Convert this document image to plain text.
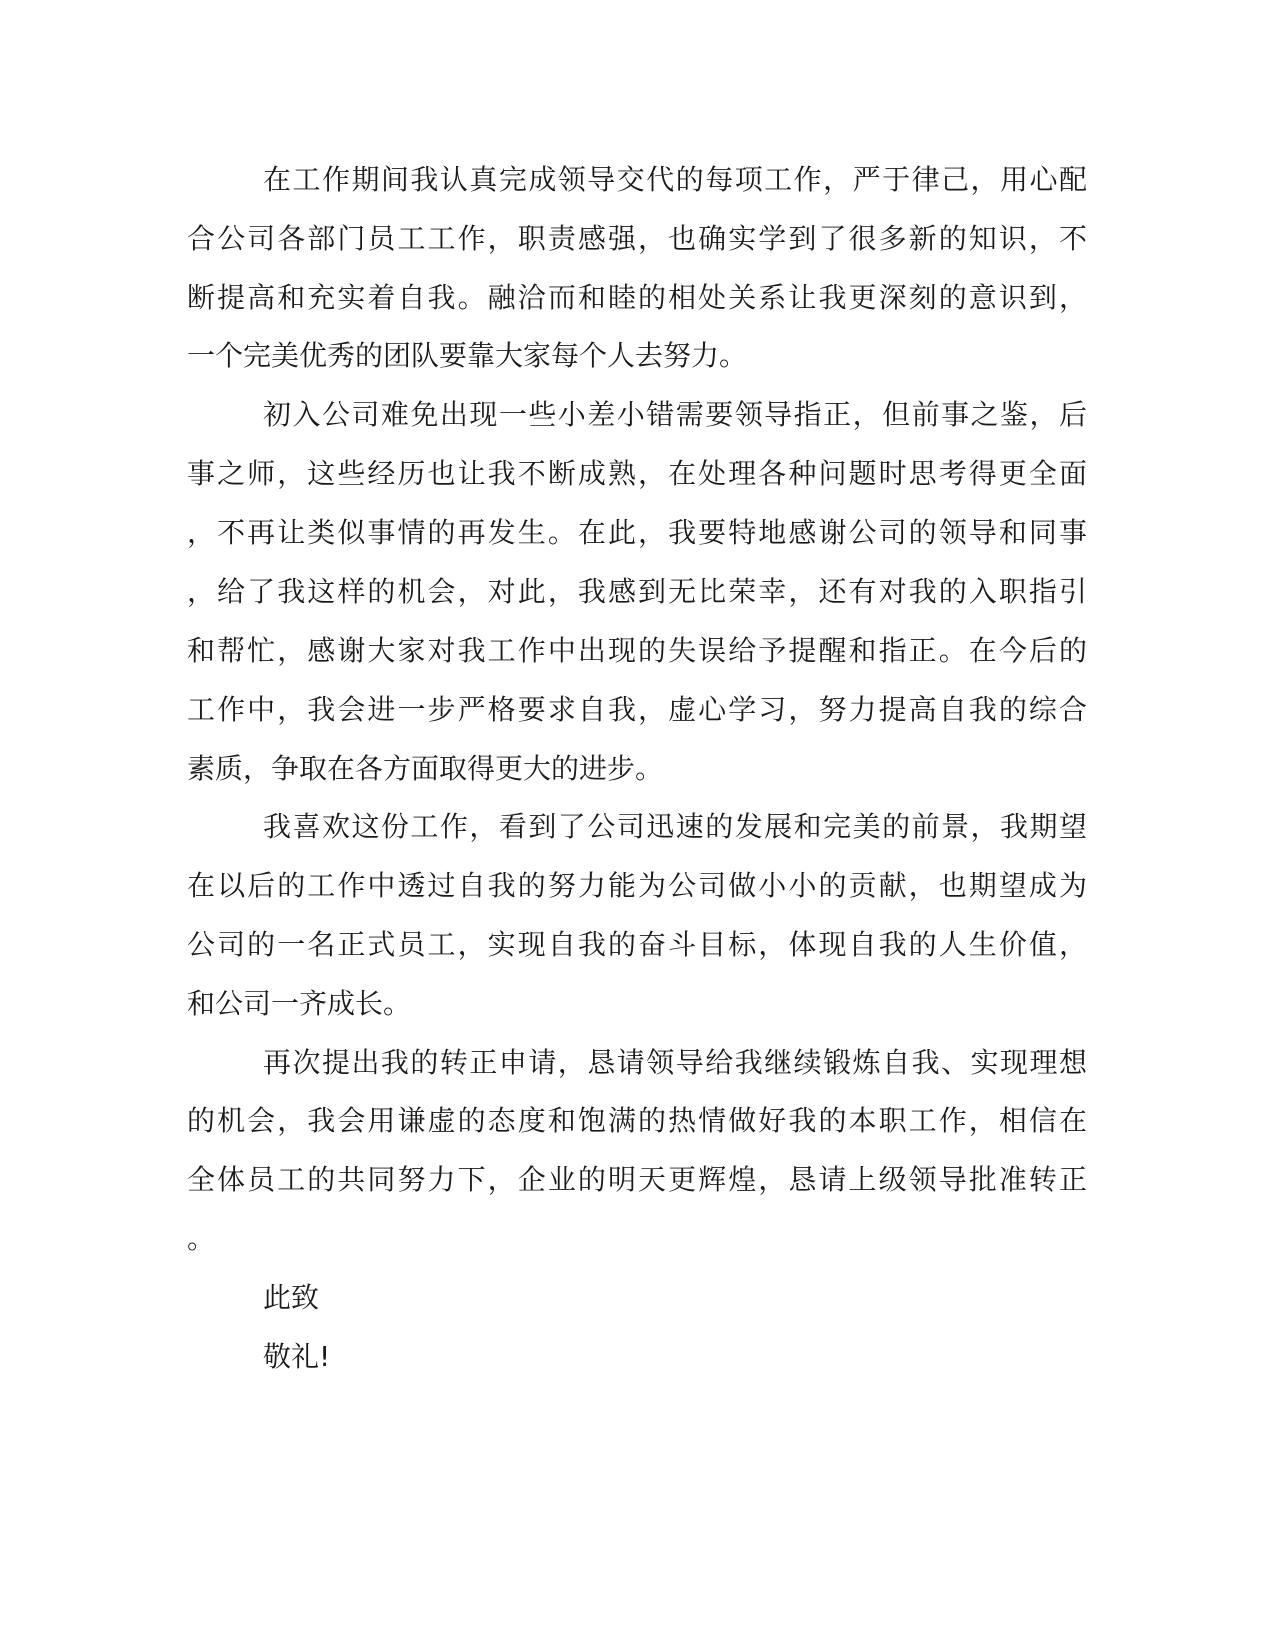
在工作期间我认真完成领导交代的每项工作，严于律己，用心配

合公司各部门员工工作，职责感强，也确实学到了很多新的知识，不

断提高和充实着自我。融洽而和睦的相处关系让我更深刻的意识到，

一个完美优秀的团队要靠大家每个人去努力。

初入公司难免出现一些小差小错需要领导指正，但前事之鉴，后

事之师，这些经历也让我不断成熟，在处理各种问题时思考得更全面

，不再让类似事情的再发生。在此，我要特地感谢公司的领导和同事

，给了我这样的机会，对此，我感到无比荣幸，还有对我的入职指引

和帮忙，感谢大家对我工作中出现的失误给予提醒和指正。在今后的

工作中，我会进一步严格要求自我，虚心学习，努力提高自我的综合

素质，争取在各方面取得更大的进步。

我喜欢这份工作，看到了公司迅速的发展和完美的前景，我期望

在以后的工作中透过自我的努力能为公司做小小的贡献，也期望成为

公司的一名正式员工，实现自我的奋斗目标，体现自我的人生价值，

和公司一齐成长。

再次提出我的转正申请，恳请领导给我继续锻炼自我、实现理想

的机会，我会用谦虚的态度和饱满的热情做好我的本职工作，相信在

全体员工的共同努力下，企业的明天更辉煌，恳请上级领导批准转正

。

此致

敬礼!
